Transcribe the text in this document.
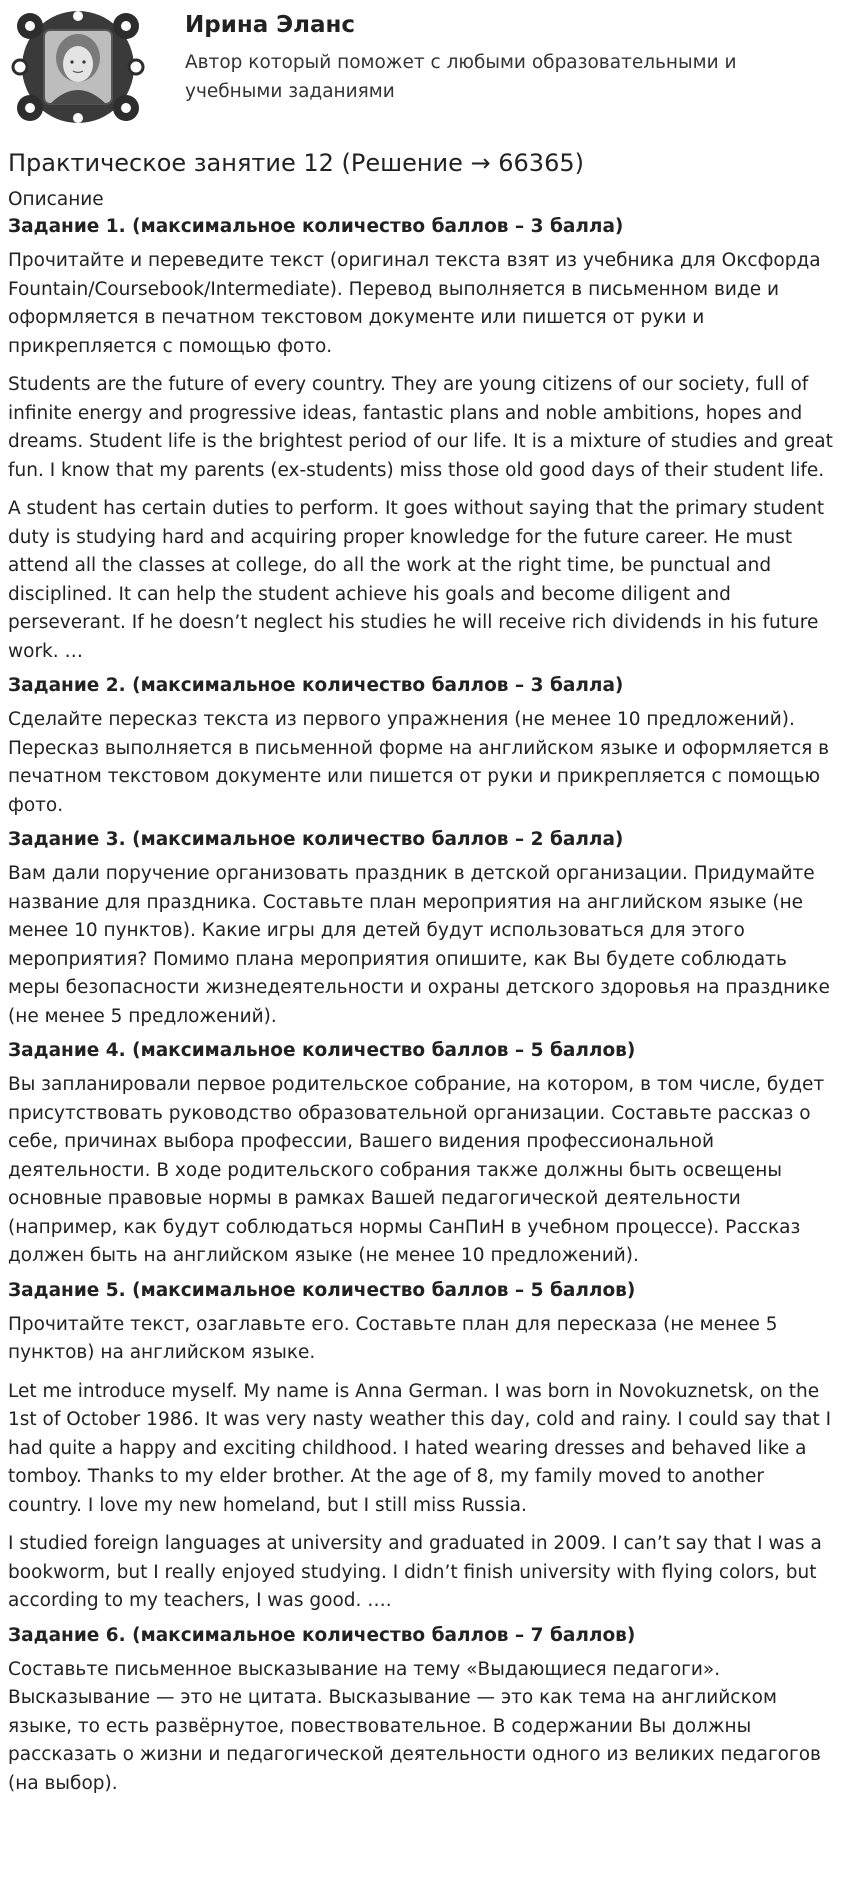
Ирина Эланс

Автор который поможет с любыми образовательными и учебными заданиями

Практическое занятие 12 (Решение → 66365)
Описание
Задание 1. (максимальное количество баллов – 3 балла)

Прочитайте и переведите текст (оригинал текста взят из учебника для Оксфорда Fountain/Coursebook/Intermediate). Перевод выполняется в письменном виде и оформляется в печатном текстовом документе или пишется от руки и прикрепляется с помощью фото.

Students are the future of every country. They are young citizens of our society, full of infinite energy and progressive ideas, fantastic plans and noble ambitions, hopes and dreams. Student life is the brightest period of our life. It is a mixture of studies and great fun. I know that my parents (ex-students) miss those old good days of their student life.

A student has certain duties to perform. It goes without saying that the primary student duty is studying hard and acquiring proper knowledge for the future career. He must attend all the classes at college, do all the work at the right time, be punctual and disciplined. It can help the student achieve his goals and become diligent and perseverant. If he doesn’t neglect his studies he will receive rich dividends in his future work. …

Задание 2. (максимальное количество баллов – 3 балла)

Сделайте пересказ текста из первого упражнения (не менее 10 предложений). Пересказ выполняется в письменной форме на английском языке и оформляется в печатном текстовом документе или пишется от руки и прикрепляется с помощью фото.

Задание 3. (максимальное количество баллов – 2 балла)

Вам дали поручение организовать праздник в детской организации. Придумайте название для праздника. Составьте план мероприятия на английском языке (не менее 10 пунктов). Какие игры для детей будут использоваться для этого мероприятия? Помимо плана мероприятия опишите, как Вы будете соблюдать меры безопасности жизнедеятельности и охраны детского здоровья на празднике (не менее 5 предложений).

Задание 4. (максимальное количество баллов – 5 баллов)

Вы запланировали первое родительское собрание, на котором, в том числе, будет присутствовать руководство образовательной организации. Составьте рассказ о себе, причинах выбора профессии, Вашего видения профессиональной деятельности. В ходе родительского собрания также должны быть освещены основные правовые нормы в рамках Вашей педагогической деятельности (например, как будут соблюдаться нормы СанПиН в учебном процессе). Рассказ должен быть на английском языке (не менее 10 предложений).

Задание 5. (максимальное количество баллов – 5 баллов)

Прочитайте текст, озаглавьте его. Составьте план для пересказа (не менее 5 пунктов) на английском языке.

Let me introduce myself. My name is Anna German. I was born in Novokuznetsk, on the 1st of October 1986. It was very nasty weather this day, cold and rainy. I could say that I had quite a happy and exciting childhood. I hated wearing dresses and behaved like a tomboy. Thanks to my elder brother. At the age of 8, my family moved to another country. I love my new homeland, but I still miss Russia.

I studied foreign languages at university and graduated in 2009. I can’t say that I was a bookworm, but I really enjoyed studying. I didn’t finish university with flying colors, but according to my teachers, I was good. ….

Задание 6. (максимальное количество баллов – 7 баллов)

Составьте письменное высказывание на тему «Выдающиеся педагоги». Высказывание — это не цитата. Высказывание — это как тема на английском языке, то есть развёрнутое, повествовательное. В содержании Вы должны рассказать о жизни и педагогической деятельности одного из великих педагогов (на выбор).
